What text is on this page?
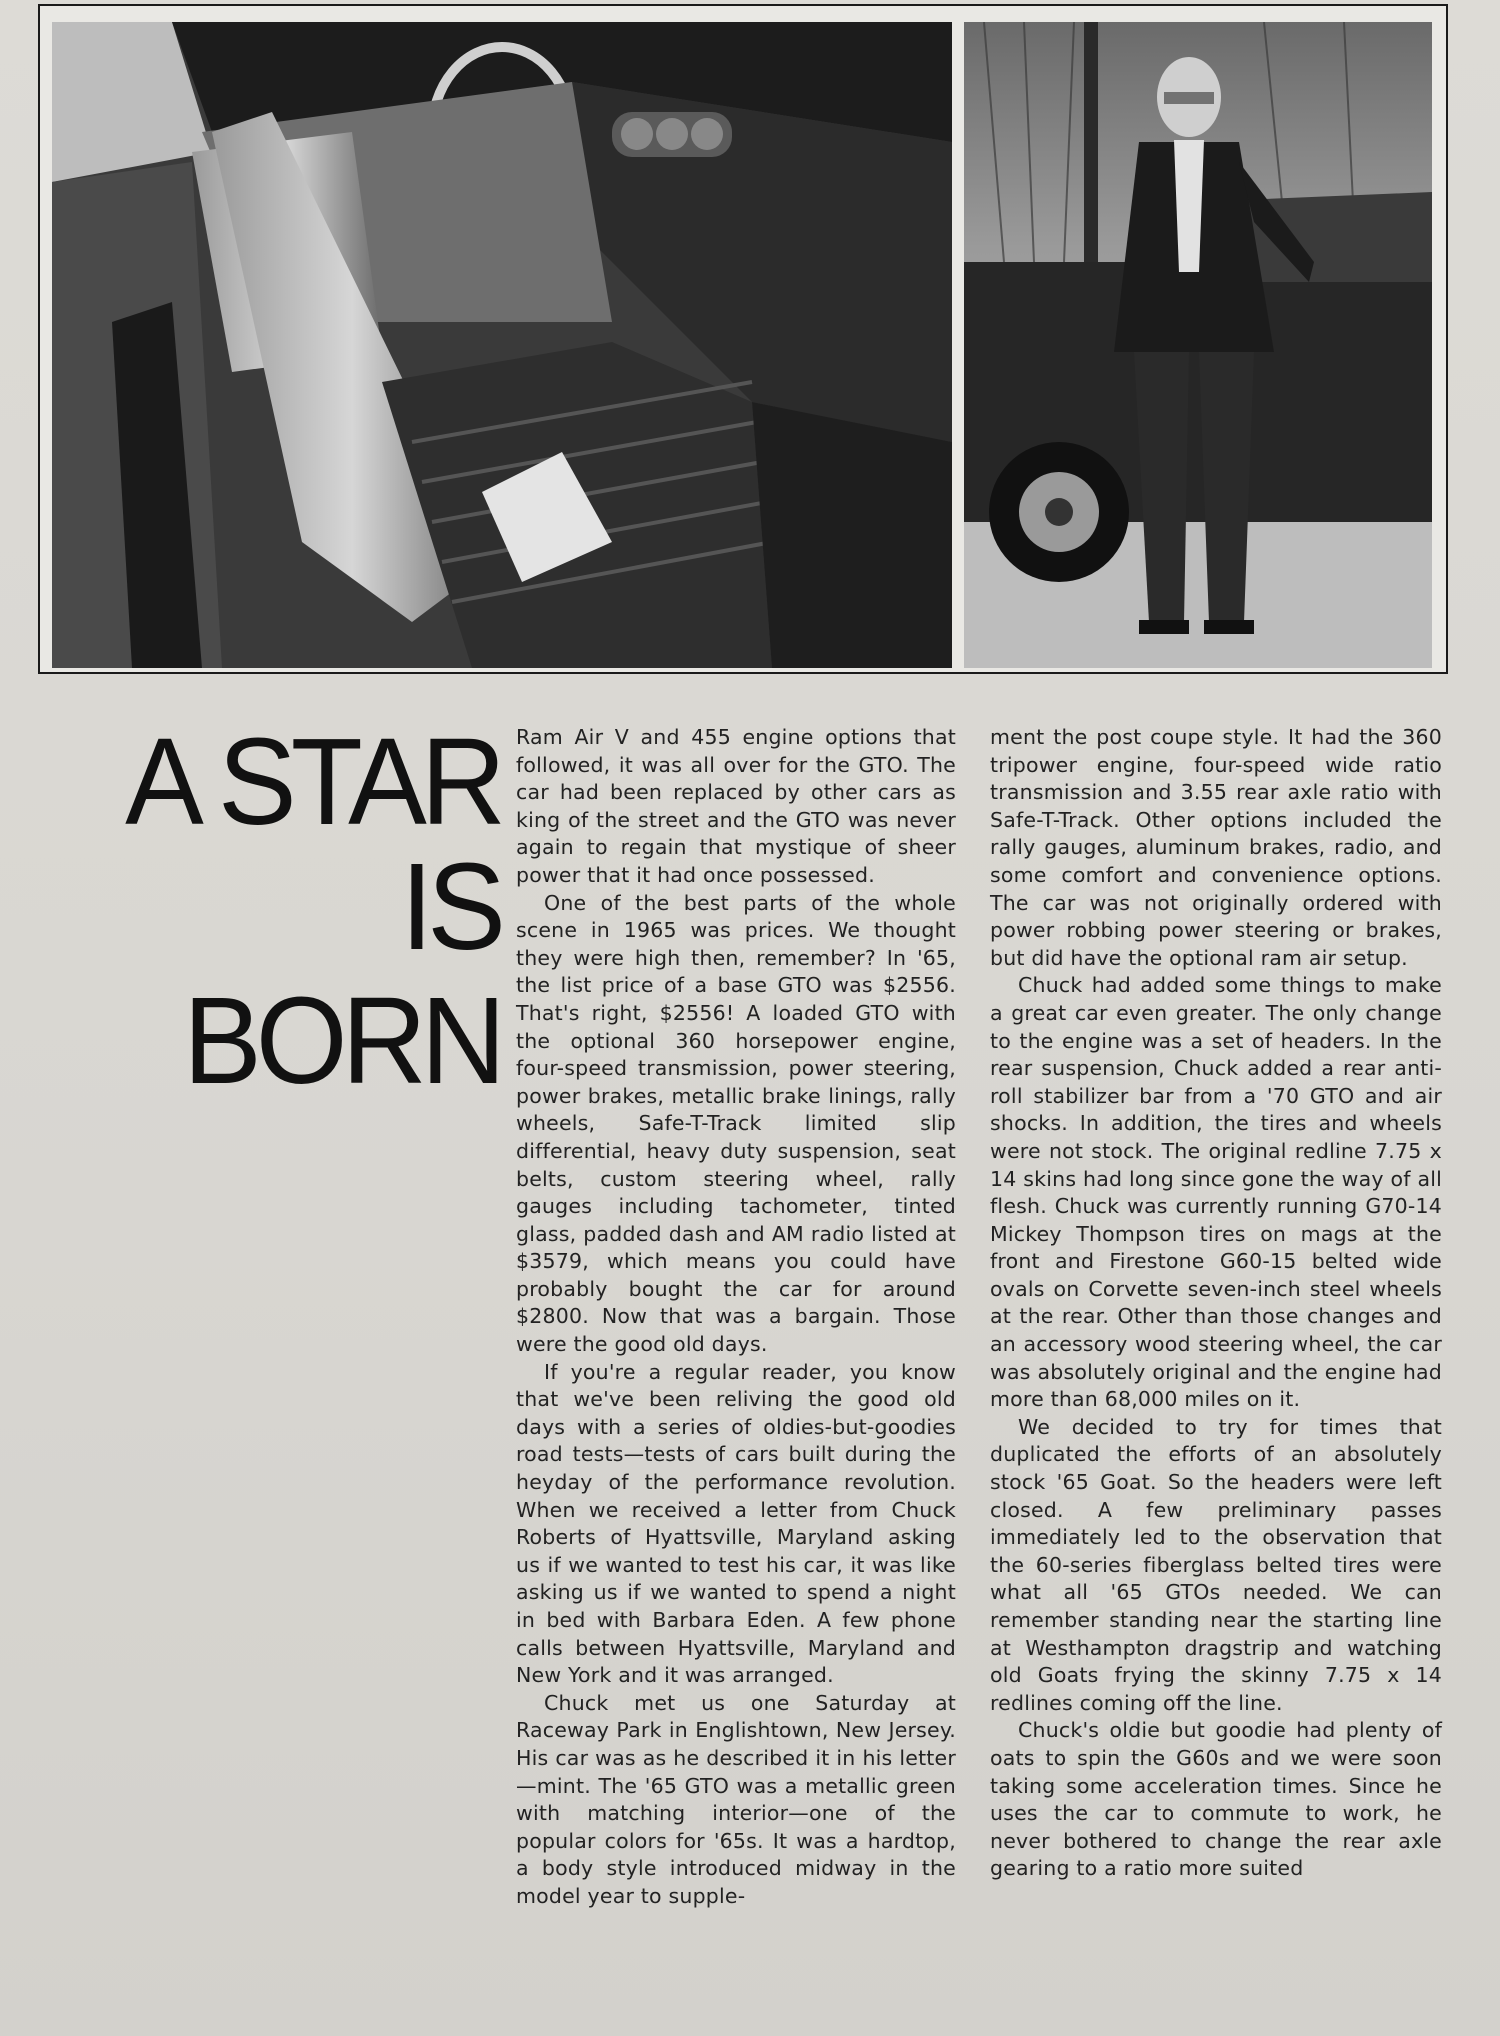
A STAR
IS BORN

Ram Air V and 455 engine options that followed, it was all over for the GTO. The car had been replaced by other cars as king of the street and the GTO was never again to regain that mystique of sheer power that it had once possessed.

One of the best parts of the whole scene in 1965 was prices. We thought they were high then, remember? In '65, the list price of a base GTO was $2556. That's right, $2556! A loaded GTO with the optional 360 horsepower engine, four-speed transmission, power steering, power brakes, metallic brake linings, rally wheels, Safe-T-Track limited slip differential, heavy duty suspension, seat belts, custom steering wheel, rally gauges including tachometer, tinted glass, padded dash and AM radio listed at $3579, which means you could have probably bought the car for around $2800. Now that was a bargain. Those were the good old days.

If you're a regular reader, you know that we've been reliving the good old days with a series of oldies-but-goodies road tests—tests of cars built during the heyday of the performance revolution. When we received a letter from Chuck Roberts of Hyattsville, Maryland asking us if we wanted to test his car, it was like asking us if we wanted to spend a night in bed with Barbara Eden. A few phone calls between Hyattsville, Maryland and New York and it was arranged.

Chuck met us one Saturday at Raceway Park in Englishtown, New Jersey. His car was as he described it in his letter—mint. The '65 GTO was a metallic green with matching interior—one of the popular colors for '65s. It was a hardtop, a body style introduced midway in the model year to supple-

ment the post coupe style. It had the 360 tripower engine, four-speed wide ratio transmission and 3.55 rear axle ratio with Safe-T-Track. Other options included the rally gauges, aluminum brakes, radio, and some comfort and convenience options. The car was not originally ordered with power robbing power steering or brakes, but did have the optional ram air setup.

Chuck had added some things to make a great car even greater. The only change to the engine was a set of headers. In the rear suspension, Chuck added a rear anti-roll stabilizer bar from a '70 GTO and air shocks. In addition, the tires and wheels were not stock. The original redline 7.75 x 14 skins had long since gone the way of all flesh. Chuck was currently running G70-14 Mickey Thompson tires on mags at the front and Firestone G60-15 belted wide ovals on Corvette seven-inch steel wheels at the rear. Other than those changes and an accessory wood steering wheel, the car was absolutely original and the engine had more than 68,000 miles on it.

We decided to try for times that duplicated the efforts of an absolutely stock '65 Goat. So the headers were left closed. A few preliminary passes immediately led to the observation that the 60-series fiberglass belted tires were what all '65 GTOs needed. We can remember standing near the starting line at Westhampton dragstrip and watching old Goats frying the skinny 7.75 x 14 redlines coming off the line.

Chuck's oldie but goodie had plenty of oats to spin the G60s and we were soon taking some acceleration times. Since he uses the car to commute to work, he never bothered to change the rear axle gearing to a ratio more suited
